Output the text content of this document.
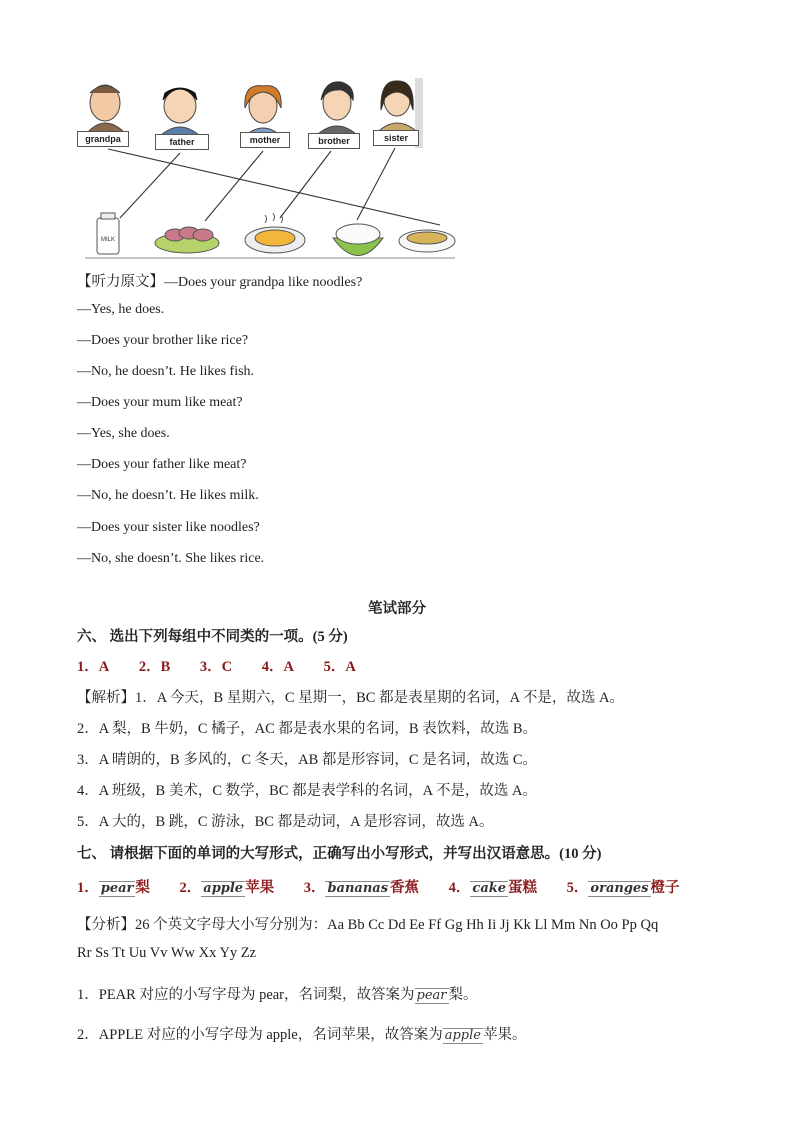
MILK
grandpa	father	mother	brother	sister
【听力原文】—Does your grandpa like noodles?
—Yes, he does.
—Does your brother like rice?
—No, he doesn’t. He likes fish.
—Does your mum like meat?
—Yes, she does.
—Does your father like meat?
—No, he doesn’t. He likes milk.
—Does your sister like noodles?
—No, she doesn’t. She likes rice.
笔试部分
六、 选出下列每组中不同类的一项。(5 分)
1．A 2．B 3．C 4．A 5．A
【解析】1．A 今天，B 星期六，C 星期一，BC 都是表星期的名词，A 不是，故选 A。
2．A 梨，B 牛奶，C 橘子，AC 都是表水果的名词，B 表饮料，故选 B。
3．A 晴朗的，B 多风的，C 冬天，AB 都是形容词，C 是名词，故选 C。
4．A 班级，B 美术，C 数学，BC 都是表学科的名词，A 不是，故选 A。
5．A 大的，B 跳，C 游泳，BC 都是动词，A 是形容词，故选 A。
七、 请根据下面的单词的大写形式，正确写出小写形式，并写出汉语意思。(10 分)
1． pear 梨 2． apple 苹果 3． bananas 香蕉 4． cake 蛋糕 5． oranges 橙子
【分析】26 个英文字母大小写分别为：Aa Bb Cc Dd Ee Ff Gg Hh Ii Jj Kk Ll Mm Nn Oo Pp Qq
Rr Ss Tt Uu Vv Ww Xx Yy Zz
1．PEAR 对应的小写字母为 pear，名词梨，故答案为 pear 梨。
2．APPLE 对应的小写字母为 apple，名词苹果，故答案为 apple 苹果。
